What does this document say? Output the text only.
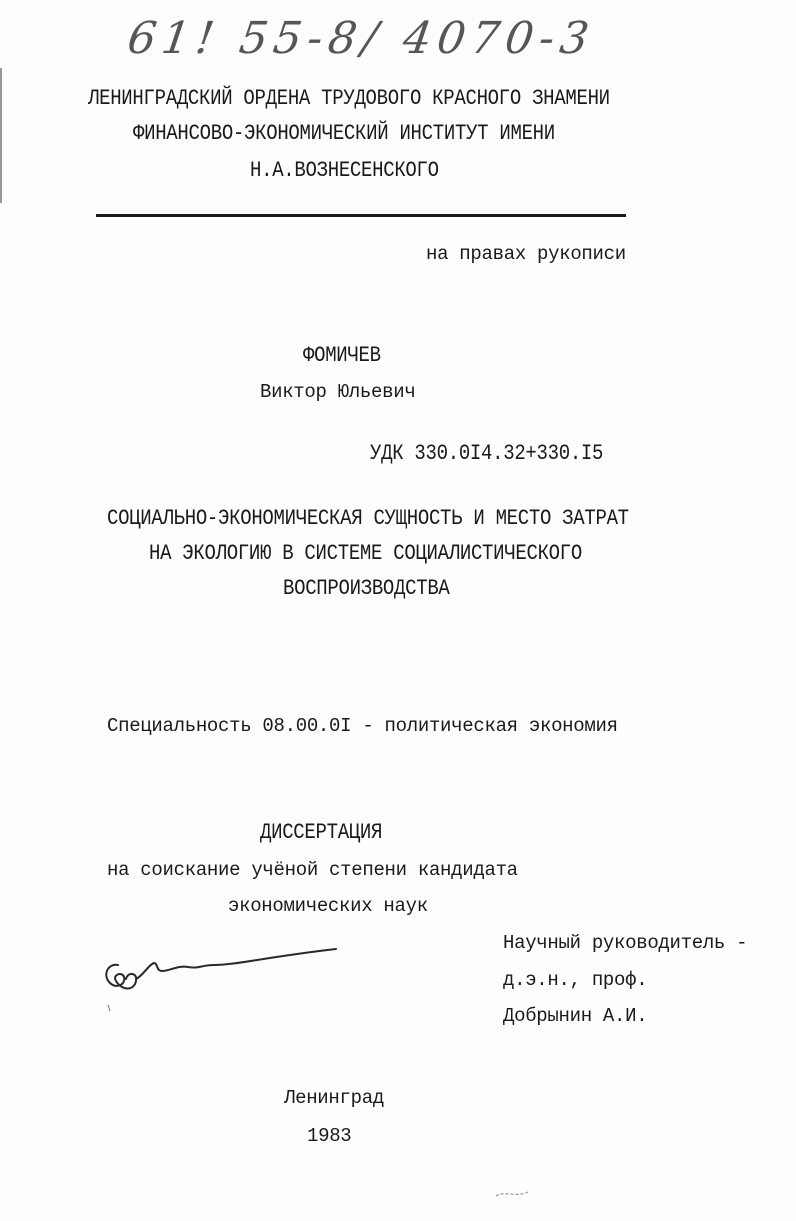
61! 55-8/ 4070-3
ЛЕНИНГРАДСКИЙ ОРДЕНА ТРУДОВОГО КРАСНОГО ЗНАМЕНИ
ФИНАНСОВО-ЭКОНОМИЧЕСКИЙ ИНСТИТУТ ИМЕНИ
Н.А.ВОЗНЕСЕНСКОГО
на правах рукописи
ФОМИЧЕВ
Виктор Юльевич
УДК 330.0I4.32+330.I5
СОЦИАЛЬНО-ЭКОНОМИЧЕСКАЯ СУЩНОСТЬ И МЕСТО ЗАТРАТ
НА ЭКОЛОГИЮ В СИСТЕМЕ СОЦИАЛИСТИЧЕСКОГО
ВОСПРОИЗВОДСТВА
Специальность 08.00.0I - политическая экономия
ДИССЕРТАЦИЯ
на соискание учёной степени кандидата
экономических наук
Научный руководитель -
д.э.н., проф.
Добрынин А.И.
Ленинград
1983
